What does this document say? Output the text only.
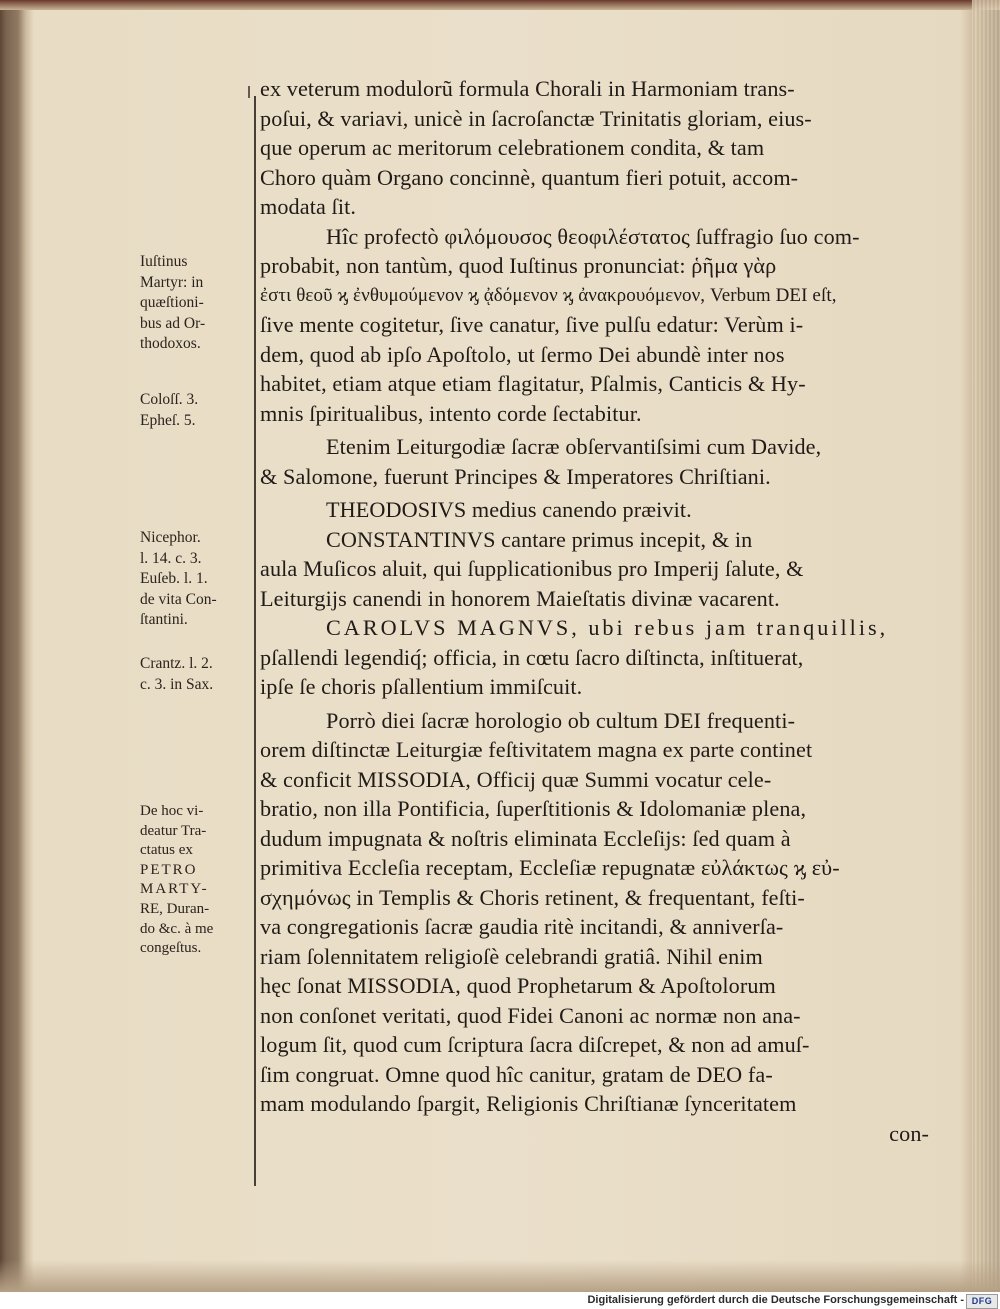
ex veterum modulorũ formula Chorali in Harmoniam trans-
poſui, & variavi, unicè in ſacroſanctæ Trinitatis gloriam, eius-
que operum ac meritorum celebrationem condita, & tam
Choro quàm Organo concinnè, quantum fieri potuit, accom-
modata ſit.
Hîc profectò φιλόμουσος θεοφιλέστατος ſuffragio ſuo com-
probabit, non tantùm, quod Iuſtinus pronunciat: ῥῆμα γὰρ
ἐστι θεοῦ ϗ ἐνθυμούμενον ϗ ᾀδόμενον ϗ ἀνακρουόμενον, Verbum DEI eſt,
ſive mente cogitetur, ſive canatur, ſive pulſu edatur: Verùm i-
dem, quod ab ipſo Apoſtolo, ut ſermo Dei abundè inter nos
habitet, etiam atque etiam flagitatur, Pſalmis, Canticis & Hy-
mnis ſpiritualibus, intento corde ſectabitur.
Etenim Leiturgodiæ ſacræ obſervantiſsimi cum Davide,
& Salomone, fuerunt Principes & Imperatores Chriſtiani.
THEODOSIVS medius canendo præivit.
CONSTANTINVS cantare primus incepit, & in
aula Muſicos aluit, qui ſupplicationibus pro Imperij ſalute, &
Leiturgijs canendi in honorem Maieſtatis divinæ vacarent.
CAROLVS MAGNVS, ubi rebus jam tranquillis,
pſallendi legendiq́; officia, in cœtu ſacro diſtincta, inſtituerat,
ipſe ſe choris pſallentium immiſcuit.
Porrò diei ſacræ horologio ob cultum DEI frequenti-
orem diſtinctæ Leiturgiæ feſtivitatem magna ex parte continet
& conficit MISSODIA, Officij quæ Summi vocatur cele-
bratio, non illa Pontificia, ſuperſtitionis & Idolomaniæ plena,
dudum impugnata & noſtris eliminata Eccleſijs: ſed quam à
primitiva Eccleſia receptam, Eccleſiæ repugnatæ εὐλάκτως ϗ εὐ-
σχημόνως in Templis & Choris retinent, & frequentant, feſti-
va congregationis ſacræ gaudia ritè incitandi, & anniverſa-
riam ſolennitatem religioſè celebrandi gratiâ. Nihil enim
hęc ſonat MISSODIA, quod Prophetarum & Apoſtolorum
non conſonet veritati, quod Fidei Canoni ac normæ non ana-
logum ſit, quod cum ſcriptura ſacra diſcrepet, & non ad amuſ-
ſim congruat. Omne quod hîc canitur, gratam de DEO fa-
mam modulando ſpargit, Religionis Chriſtianæ ſynceritatem
con-
Iuſtinus
Martyr: in
quæſtioni-
bus ad Or-
thodoxos.
Coloſſ. 3.
Epheſ. 5.
Nicephor.
l. 14. c. 3.
Euſeb. l. 1.
de vita Con-
ſtantini.
Crantz. l. 2.
c. 3. in Sax.
De hoc vi-
deatur Tra-
ctatus ex
PETRO
MARTY-
RE, Duran-
do &c. à me
congeſtus.
Digitalisierung gefördert durch die Deutsche Forschungsgemeinschaft - DFG
